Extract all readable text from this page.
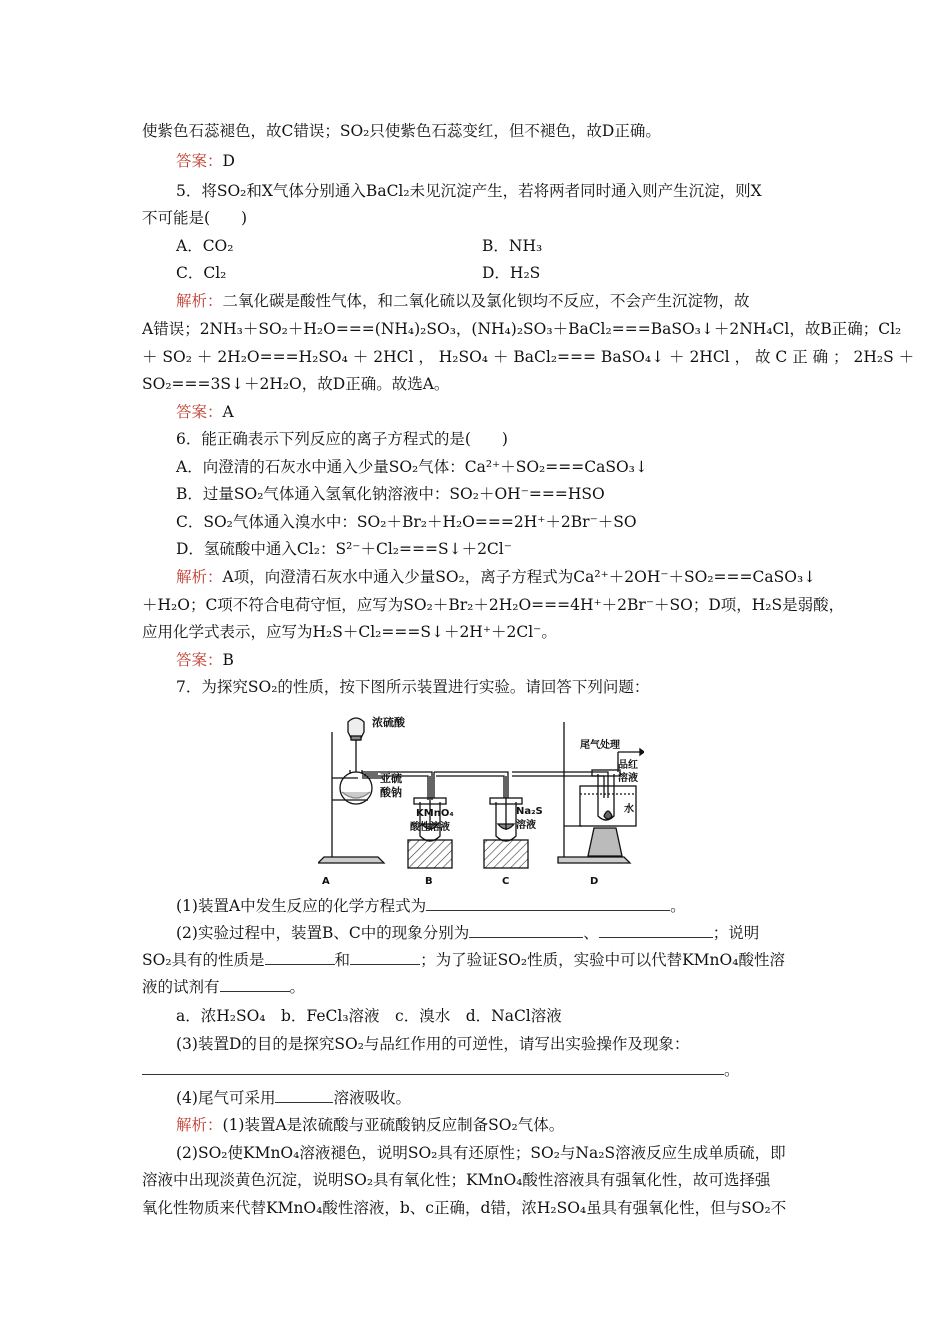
使紫色石蕊褪色，故C错误；SO₂只使紫色石蕊变红，但不褪色，故D正确。
答案：D
5．将SO₂和X气体分别通入BaCl₂未见沉淀产生，若将两者同时通入则产生沉淀，则X
不可能是(　　)
A．CO₂	B．NH₃
C．Cl₂	D．H₂S
解析：二氧化碳是酸性气体，和二氧化硫以及氯化钡均不反应，不会产生沉淀物，故
A错误；2NH₃＋SO₂＋H₂O===(NH₄)₂SO₃，(NH₄)₂SO₃＋BaCl₂===BaSO₃↓＋2NH₄Cl，故B正确；Cl₂
＋ SO₂ ＋ 2H₂O===H₂SO₄ ＋ 2HCl ， H₂SO₄ ＋ BaCl₂=== BaSO₄↓ ＋ 2HCl ， 故 C 正 确 ； 2H₂S ＋
SO₂===3S↓＋2H₂O，故D正确。故选A。
答案：A
6．能正确表示下列反应的离子方程式的是(　　)
A．向澄清的石灰水中通入少量SO₂气体：Ca²⁺＋SO₂===CaSO₃↓
B．过量SO₂气体通入氢氧化钠溶液中：SO₂＋OH⁻===HSO
C．SO₂气体通入溴水中：SO₂＋Br₂＋H₂O===2H⁺＋2Br⁻＋SO
D．氢硫酸中通入Cl₂：S²⁻＋Cl₂===S↓＋2Cl⁻
解析：A项，向澄清石灰水中通入少量SO₂，离子方程式为Ca²⁺＋2OH⁻＋SO₂===CaSO₃↓
＋H₂O；C项不符合电荷守恒，应写为SO₂＋Br₂＋2H₂O===4H⁺＋2Br⁻＋SO；D项，H₂S是弱酸，
应用化学式表示，应写为H₂S＋Cl₂===S↓＋2H⁺＋2Cl⁻。
答案：B
7．为探究SO₂的性质，按下图所示装置进行实验。请回答下列问题：
浓硫酸
亚硫
酸钠
KMnO₄
酸性溶液
Na₂S
溶液
尾气处理
品红
溶液
水
A	B	C	D
(1)装置A中发生反应的化学方程式为	。
(2)实验过程中，装置B、C中的现象分别为	、	；说明
SO₂具有的性质是	和	；为了验证SO₂性质，实验中可以代替KMnO₄酸性溶
液的试剂有	。
a．浓H₂SO₄　b．FeCl₃溶液　c．溴水　d．NaCl溶液
(3)装置D的目的是探究SO₂与品红作用的可逆性，请写出实验操作及现象：
。
(4)尾气可采用	溶液吸收。
解析：(1)装置A是浓硫酸与亚硫酸钠反应制备SO₂气体。
(2)SO₂使KMnO₄溶液褪色，说明SO₂具有还原性；SO₂与Na₂S溶液反应生成单质硫，即
溶液中出现淡黄色沉淀，说明SO₂具有氧化性；KMnO₄酸性溶液具有强氧化性，故可选择强
氧化性物质来代替KMnO₄酸性溶液，b、c正确，d错，浓H₂SO₄虽具有强氧化性，但与SO₂不
